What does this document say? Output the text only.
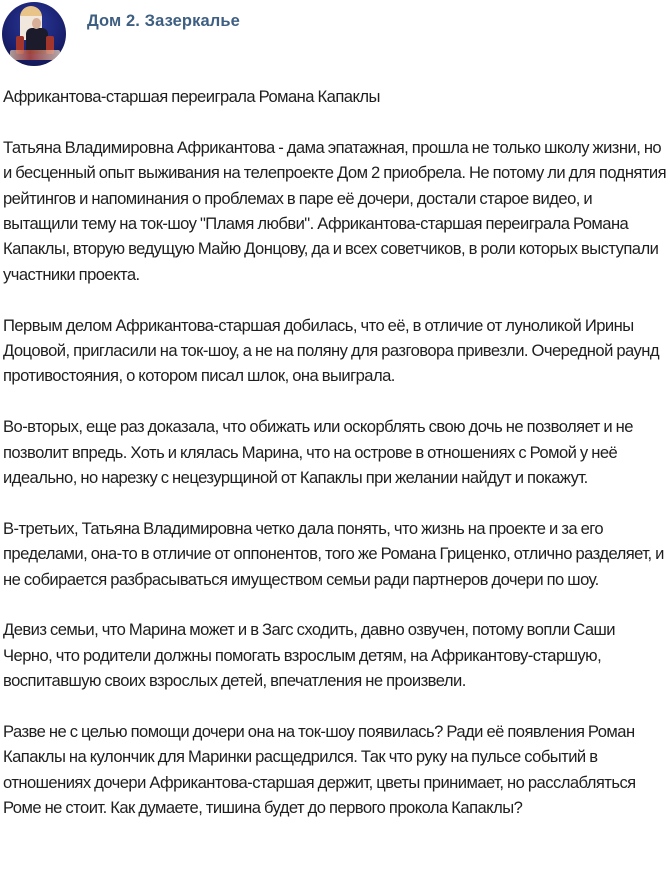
Дом 2. Зазеркалье

Африкантова-старшая переиграла Романа Капаклы

Татьяна Владимировна Африкантова - дама эпатажная, прошла не только школу жизни, но и бесценный опыт выживания на телепроекте Дом 2 приобрела. Не потому ли для поднятия рейтингов и напоминания о проблемах в паре её дочери, достали старое видео, и вытащили тему на ток-шоу "Пламя любви". Африкантова-старшая переиграла Романа Капаклы, вторую ведущую Майю Донцову, да и всех советчиков, в роли которых выступали участники проекта.

Первым делом Африкантова-старшая добилась, что её, в отличие от луноликой Ирины Доцовой, пригласили на ток-шоу, а не на поляну для разговора привезли. Очередной раунд противостояния, о котором писал шлок, она выиграла.

Во-вторых, еще раз доказала, что обижать или оскорблять свою дочь не позволяет и не позволит впредь. Хоть и клялась Марина, что на острове в отношениях с Ромой у неё идеально, но нарезку с нецезурщиной от Капаклы при желании найдут и покажут.

В-третьих, Татьяна Владимировна четко дала понять, что жизнь на проекте и за его пределами, она-то в отличие от оппонентов, того же Романа Гриценко, отлично разделяет, и не собирается разбрасываться имуществом семьи ради партнеров дочери по шоу.

Девиз семьи, что Марина может и в Загс сходить, давно озвучен, потому вопли Саши Черно, что родители должны помогать взрослым детям, на Африкантову-старшую, воспитавшую своих взрослых детей, впечатления не произвели.

Разве не с целью помощи дочери она на ток-шоу появилась? Ради её появления Роман Капаклы на кулончик для Маринки расщедрился. Так что руку на пульсе событий в отношениях дочери Африкантова-старшая держит, цветы принимает, но расслабляться Роме не стоит. Как думаете, тишина будет до первого прокола Капаклы?
